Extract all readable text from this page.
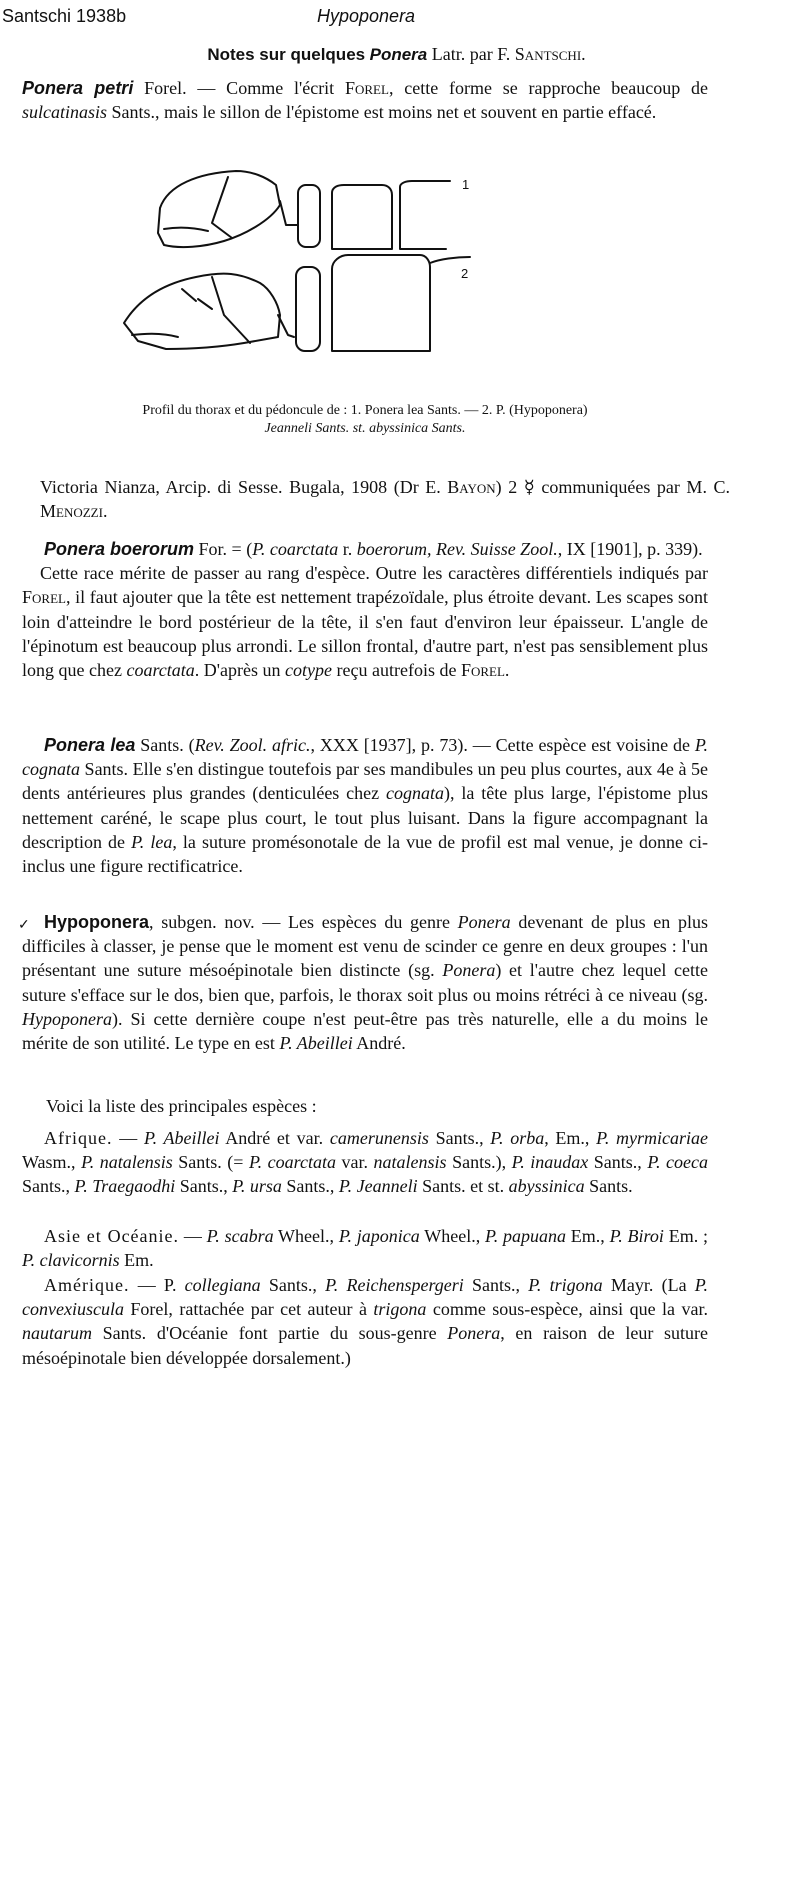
Santschi 1938b	Hypoponera
Notes sur quelques Ponera Latr. par F. Santschi.
Ponera petri Forel. — Comme l'écrit Forel, cette forme se rapproche beaucoup de sulcatinasis Sants., mais le sillon de l'épistome est moins net et souvent en partie effacé.
1
2
Profil du thorax et du pédoncule de : 1. Ponera lea Sants. — 2. P. (Hypoponera)
Jeanneli Sants. st. abyssinica Sants.
Victoria Nianza, Arcip. di Sesse. Bugala, 1908 (Dr E. Bayon) 2 ☿ communiquées par M. C. Menozzi.
Ponera boerorum For. = (P. coarctata r. boerorum, Rev. Suisse Zool., IX [1901], p. 339).
Cette race mérite de passer au rang d'espèce. Outre les caractères différentiels indiqués par Forel, il faut ajouter que la tête est nettement trapézoïdale, plus étroite devant. Les scapes sont loin d'atteindre le bord postérieur de la tête, il s'en faut d'environ leur épaisseur. L'angle de l'épinotum est beaucoup plus arrondi. Le sillon frontal, d'autre part, n'est pas sensiblement plus long que chez coarctata. D'après un cotype reçu autrefois de Forel.
Ponera lea Sants. (Rev. Zool. afric., XXX [1937], p. 73). — Cette espèce est voisine de P. cognata Sants. Elle s'en distingue toutefois par ses mandibules un peu plus courtes, aux 4e à 5e dents antérieures plus grandes (denticulées chez cognata), la tête plus large, l'épistome plus nettement caréné, le scape plus court, le tout plus luisant. Dans la figure accompagnant la description de P. lea, la suture promésonotale de la vue de profil est mal venue, je donne ci-inclus une figure rectificatrice.
✓ Hypoponera, subgen. nov. — Les espèces du genre Ponera devenant de plus en plus difficiles à classer, je pense que le moment est venu de scinder ce genre en deux groupes : l'un présentant une suture mésoépinotale bien distincte (sg. Ponera) et l'autre chez lequel cette suture s'efface sur le dos, bien que, parfois, le thorax soit plus ou moins rétréci à ce niveau (sg. Hypoponera). Si cette dernière coupe n'est peut-être pas très naturelle, elle a du moins le mérite de son utilité. Le type en est P. Abeillei André.
Voici la liste des principales espèces :
Afrique. — P. Abeillei André et var. camerunensis Sants., P. orba, Em., P. myrmicariae Wasm., P. natalensis Sants. (= P. coarctata var. natalensis Sants.), P. inaudax Sants., P. coeca Sants., P. Traegaodhi Sants., P. ursa Sants., P. Jeanneli Sants. et st. abyssinica Sants.
Asie et Océanie. — P. scabra Wheel., P. japonica Wheel., P. papuana Em., P. Biroi Em. ; P. clavicornis Em.
Amérique. — P. collegiana Sants., P. Reichenspergeri Sants., P. trigona Mayr. (La P. convexiuscula Forel, rattachée par cet auteur à trigona comme sous-espèce, ainsi que la var. nautarum Sants. d'Océanie font partie du sous-genre Ponera, en raison de leur suture mésoépinotale bien développée dorsalement.)
